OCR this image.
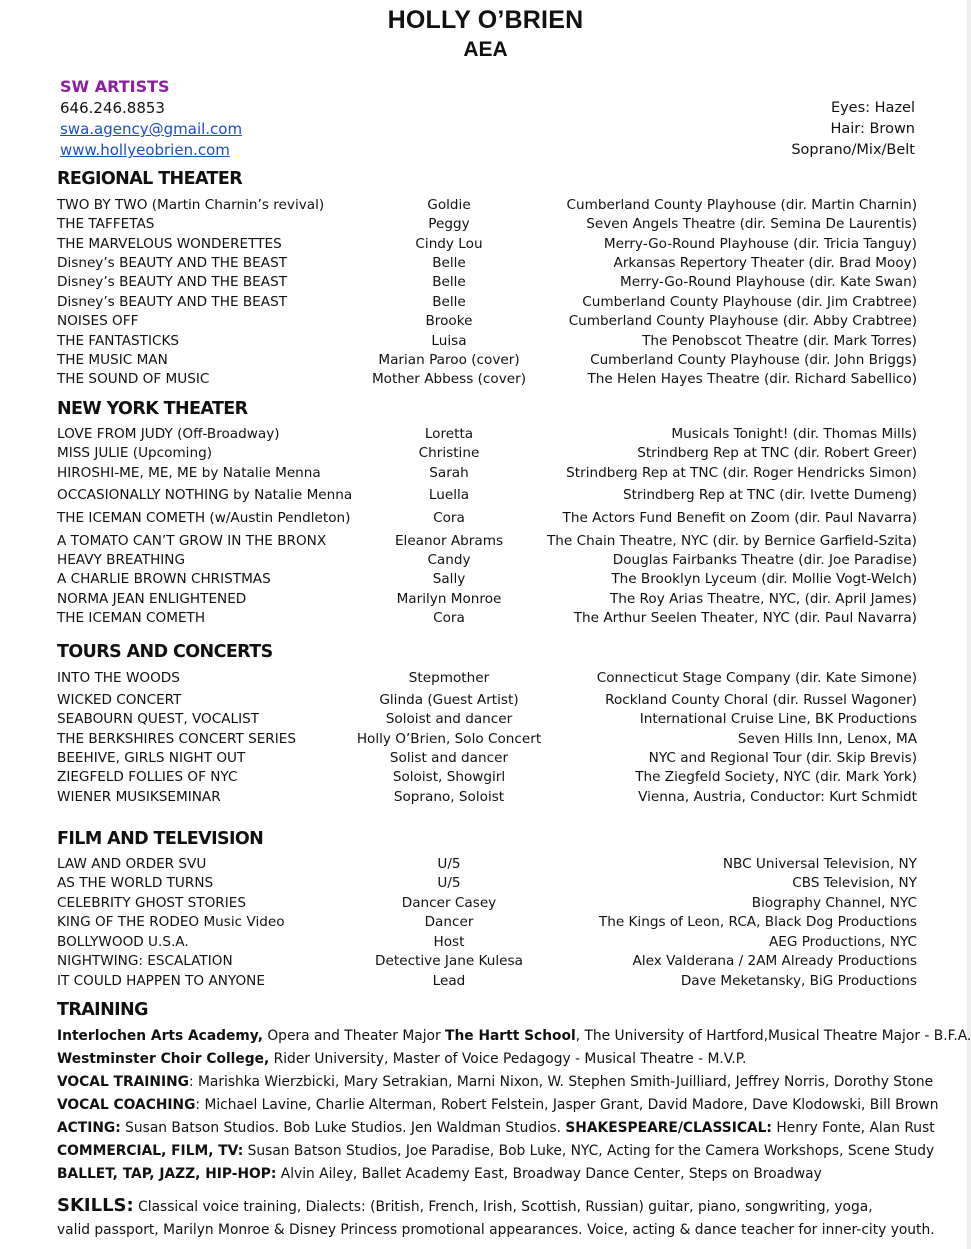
HOLLY O’BRIEN
AEA
SW ARTISTS
646.246.8853
swa.agency@gmail.com
www.hollyeobrien.com
Eyes: Hazel
Hair: Brown
Soprano/Mix/Belt
REGIONAL THEATER
TWO BY TWO (Martin Charnin’s revival)	Goldie	Cumberland County Playhouse (dir. Martin Charnin)
THE TAFFETAS	Peggy	Seven Angels Theatre (dir. Semina De Laurentis)
THE MARVELOUS WONDERETTES	Cindy Lou	Merry-Go-Round Playhouse (dir. Tricia Tanguy)
Disney’s BEAUTY AND THE BEAST	Belle	Arkansas Repertory Theater (dir. Brad Mooy)
Disney’s BEAUTY AND THE BEAST	Belle	Merry-Go-Round Playhouse (dir. Kate Swan)
Disney’s BEAUTY AND THE BEAST	Belle	Cumberland County Playhouse (dir. Jim Crabtree)
NOISES OFF	Brooke	Cumberland County Playhouse (dir. Abby Crabtree)
THE FANTASTICKS	Luisa	The Penobscot Theatre (dir. Mark Torres)
THE MUSIC MAN	Marian Paroo (cover)	Cumberland County Playhouse (dir. John Briggs)
THE SOUND OF MUSIC	Mother Abbess (cover)	The Helen Hayes Theatre (dir. Richard Sabellico)
NEW YORK THEATER
LOVE FROM JUDY (Off-Broadway)	Loretta	Musicals Tonight! (dir. Thomas Mills)
MISS JULIE (Upcoming)	Christine	Strindberg Rep at TNC (dir. Robert Greer)
HIROSHI-ME, ME, ME by Natalie Menna	Sarah	Strindberg Rep at TNC (dir. Roger Hendricks Simon)
OCCASIONALLY NOTHING by Natalie Menna	Luella	Strindberg Rep at TNC (dir. Ivette Dumeng)
THE ICEMAN COMETH (w/Austin Pendleton)	Cora	The Actors Fund Benefit on Zoom (dir. Paul Navarra)
A TOMATO CAN’T GROW IN THE BRONX	Eleanor Abrams	The Chain Theatre, NYC (dir. by Bernice Garfield-Szita)
HEAVY BREATHING	Candy	Douglas Fairbanks Theatre (dir. Joe Paradise)
A CHARLIE BROWN CHRISTMAS	Sally	The Brooklyn Lyceum (dir. Mollie Vogt-Welch)
NORMA JEAN ENLIGHTENED	Marilyn Monroe	The Roy Arias Theatre, NYC, (dir. April James)
THE ICEMAN COMETH	Cora	The Arthur Seelen Theater, NYC (dir. Paul Navarra)
TOURS AND CONCERTS
INTO THE WOODS	Stepmother	Connecticut Stage Company (dir. Kate Simone)
WICKED CONCERT	Glinda (Guest Artist)	Rockland County Choral (dir. Russel Wagoner)
SEABOURN QUEST, VOCALIST	Soloist and dancer	International Cruise Line, BK Productions
THE BERKSHIRES CONCERT SERIES	Holly O’Brien, Solo Concert	Seven Hills Inn, Lenox, MA
BEEHIVE, GIRLS NIGHT OUT	Solist and dancer	NYC and Regional Tour (dir. Skip Brevis)
ZIEGFELD FOLLIES OF NYC	Soloist, Showgirl	The Ziegfeld Society, NYC (dir. Mark York)
WIENER MUSIKSEMINAR	Soprano, Soloist	Vienna, Austria, Conductor: Kurt Schmidt
FILM AND TELEVISION
LAW AND ORDER SVU	U/5	NBC Universal Television, NY
AS THE WORLD TURNS	U/5	CBS Television, NY
CELEBRITY GHOST STORIES	Dancer Casey	Biography Channel, NYC
KING OF THE RODEO Music Video	Dancer	The Kings of Leon, RCA, Black Dog Productions
BOLLYWOOD U.S.A.	Host	AEG Productions, NYC
NIGHTWING: ESCALATION	Detective Jane Kulesa	Alex Valderana / 2AM Already Productions
IT COULD HAPPEN TO ANYONE	Lead	Dave Meketansky, BiG Productions
TRAINING
Interlochen Arts Academy, Opera and Theater Major The Hartt School, The University of Hartford,Musical Theatre Major - B.F.A.
Westminster Choir College, Rider University, Master of Voice Pedagogy - Musical Theatre - M.V.P.
VOCAL TRAINING: Marishka Wierzbicki, Mary Setrakian, Marni Nixon, W. Stephen Smith-Juilliard, Jeffrey Norris, Dorothy Stone
VOCAL COACHING: Michael Lavine, Charlie Alterman, Robert Felstein, Jasper Grant, David Madore, Dave Klodowski, Bill Brown
ACTING: Susan Batson Studios. Bob Luke Studios. Jen Waldman Studios. SHAKESPEARE/CLASSICAL: Henry Fonte, Alan Rust
COMMERCIAL, FILM, TV: Susan Batson Studios, Joe Paradise, Bob Luke, NYC, Acting for the Camera Workshops, Scene Study
BALLET, TAP, JAZZ, HIP-HOP: Alvin Ailey, Ballet Academy East, Broadway Dance Center, Steps on Broadway
SKILLS: Classical voice training, Dialects: (British, French, Irish, Scottish, Russian) guitar, piano, songwriting, yoga,
valid passport, Marilyn Monroe & Disney Princess promotional appearances. Voice, acting & dance teacher for inner-city youth.
